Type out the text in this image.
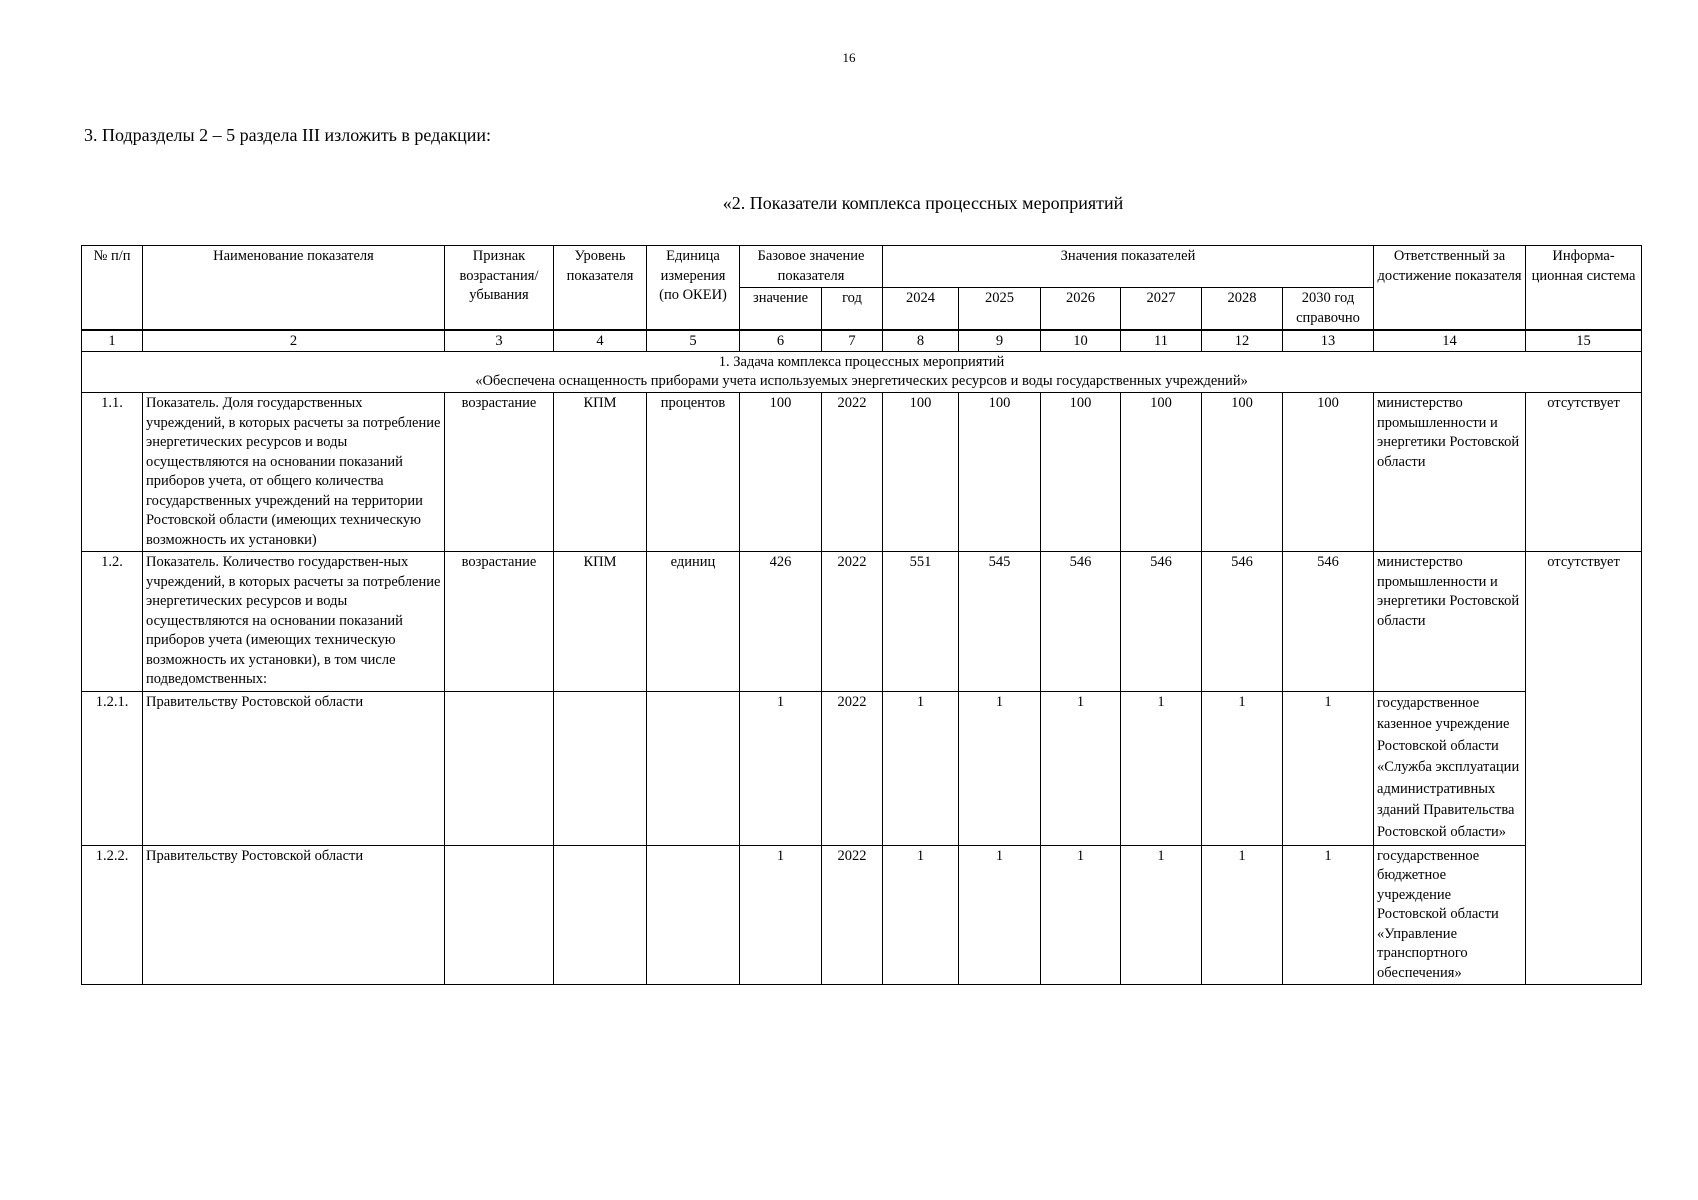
16
3. Подразделы 2 – 5 раздела III изложить в редакции:
«2. Показатели комплекса процессных мероприятий
№ п/п	Наименование показателя	Признак возрастания/ убывания	Уровень показателя	Единица измерения (по ОКЕИ)	Базовое значение показателя		Значения показателей						Ответственный за достижение показателя	Информа-ционная система
					значение	год	2024	2025	2026	2027	2028	2030 год справочно		
1	2	3	4	5	6	7	8	9	10	11	12	13	14	15

1. Задача комплекса процессных мероприятий
«Обеспечена оснащенность приборами учета используемых энергетических ресурсов и воды государственных учреждений»														

1.1.	Показатель. Доля государственных учреждений, в которых расчеты за потребление энергетических ресурсов и воды осуществляются на основании показаний приборов учета, от общего количества государственных учреждений на территории Ростовской области (имеющих техническую возможность их установки)	возрастание	КПМ	процентов	100	2022	100	100	100	100	100	100	министерство промышленности и энергетики Ростовской области	отсутствует
1.2.	Показатель. Количество государствен-ных учреждений, в которых расчеты за потребление энергетических ресурсов и воды осуществляются на основании показаний приборов учета (имеющих техническую возможность их установки), в том числе подведомственных:	возрастание	КПМ	единиц	426	2022	551	545	546	546	546	546	министерство промышленности и энергетики Ростовской области	отсутствует
1.2.1.	Правительству Ростовской области				1	2022	1	1	1	1	1	1	государственное казенное учреждение Ростовской области «Служба эксплуатации административных зданий Правительства Ростовской области»	
1.2.2.	Правительству Ростовской области				1	2022	1	1	1	1	1	1	государственное бюджетное учреждение Ростовской области «Управление транспортного обеспечения»	
